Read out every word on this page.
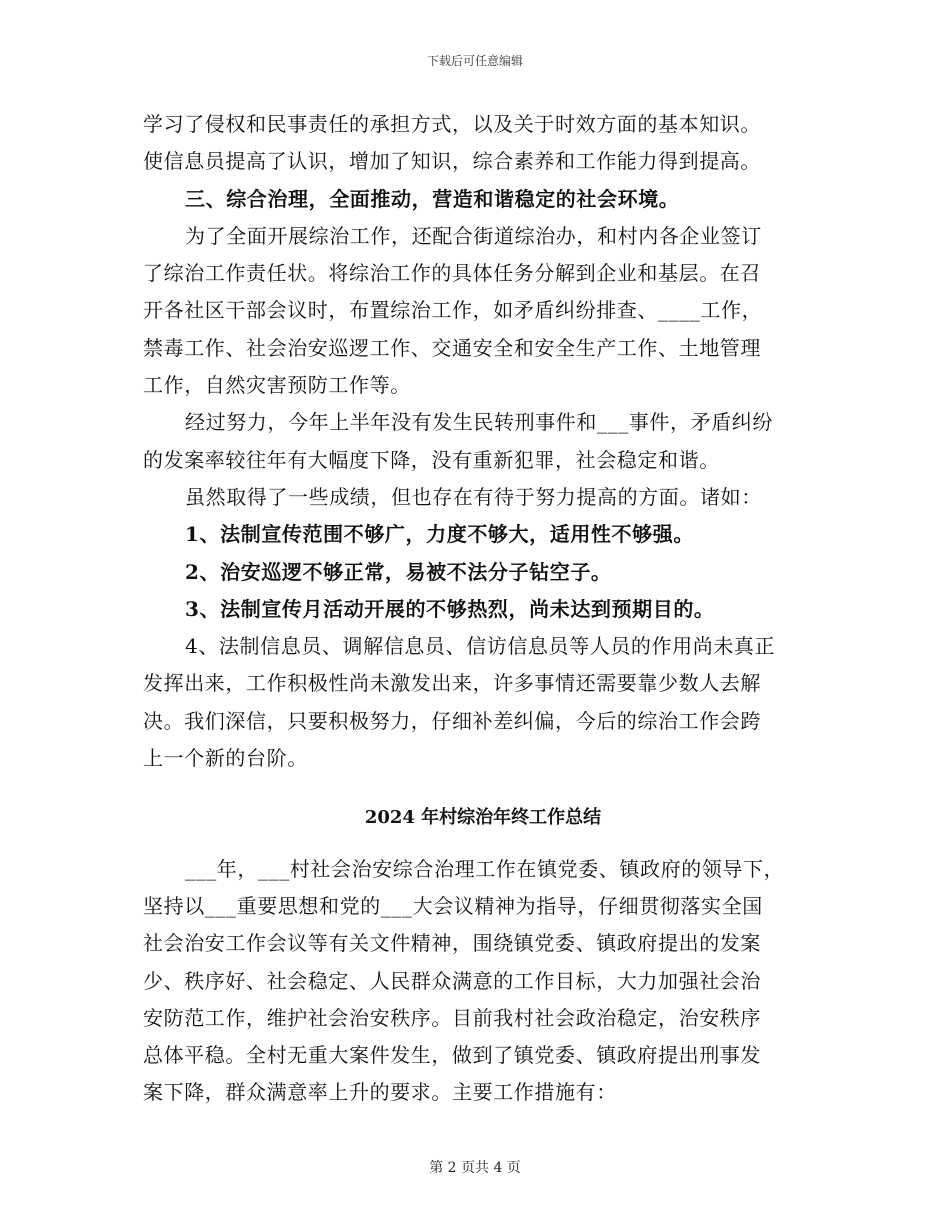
下载后可任意编辑
学习了侵权和民事责任的承担方式，以及关于时效方面的基本知识。
使信息员提高了认识，增加了知识，综合素养和工作能力得到提高。
三、综合治理，全面推动，营造和谐稳定的社会环境。
为了全面开展综治工作，还配合街道综治办，和村内各企业签订
了综治工作责任状。将综治工作的具体任务分解到企业和基层。在召
开各社区干部会议时，布置综治工作，如矛盾纠纷排查、____工作，
禁毒工作、社会治安巡逻工作、交通安全和安全生产工作、土地管理
工作，自然灾害预防工作等。
经过努力，今年上半年没有发生民转刑事件和___事件，矛盾纠纷
的发案率较往年有大幅度下降，没有重新犯罪，社会稳定和谐。
虽然取得了一些成绩，但也存在有待于努力提高的方面。诸如：
1、法制宣传范围不够广，力度不够大，适用性不够强。
2、治安巡逻不够正常，易被不法分子钻空子。
3、法制宣传月活动开展的不够热烈，尚未达到预期目的。
4、法制信息员、调解信息员、信访信息员等人员的作用尚未真正
发挥出来，工作积极性尚未激发出来，许多事情还需要靠少数人去解
决。我们深信，只要积极努力，仔细补差纠偏，今后的综治工作会跨
上一个新的台阶。
2024 年村综治年终工作总结
___年，___村社会治安综合治理工作在镇党委、镇政府的领导下，
坚持以___重要思想和党的___大会议精神为指导，仔细贯彻落实全国
社会治安工作会议等有关文件精神，围绕镇党委、镇政府提出的发案
少、秩序好、社会稳定、人民群众满意的工作目标，大力加强社会治
安防范工作，维护社会治安秩序。目前我村社会政治稳定，治安秩序
总体平稳。全村无重大案件发生，做到了镇党委、镇政府提出刑事发
案下降，群众满意率上升的要求。主要工作措施有：
第 2 页共 4 页
